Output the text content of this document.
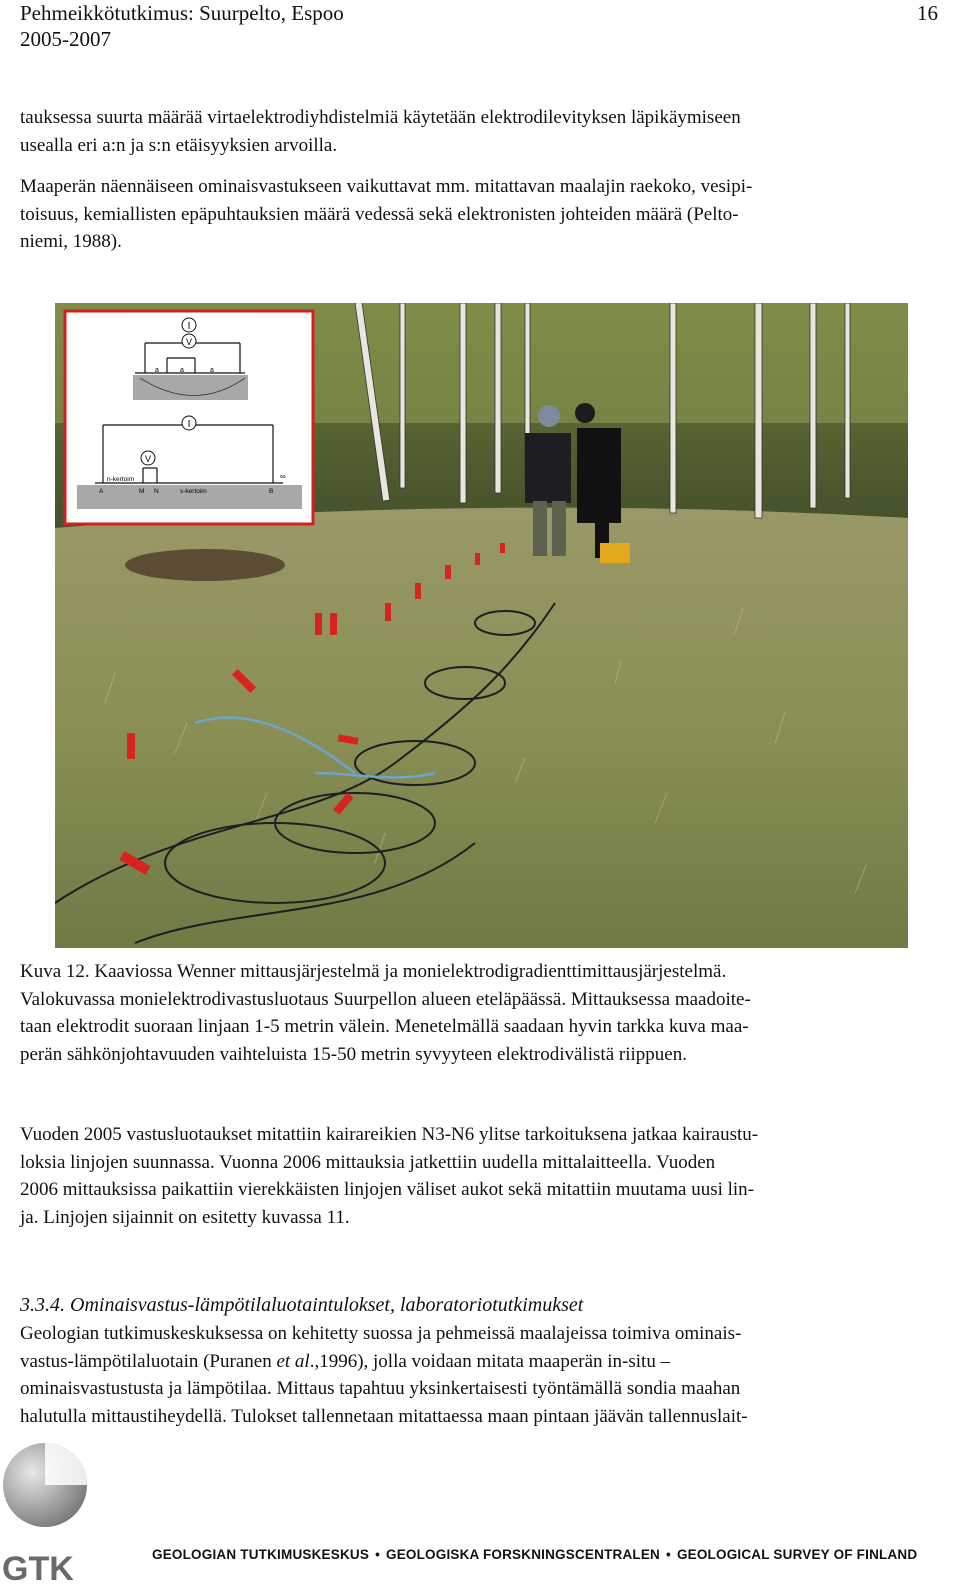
Pehmeikkötutkimus: Suurpelto, Espoo
2005-2007
16

tauksessa suurta määrää virtaelektrodiyhdistelmiä käytetään elektrodilevityksen läpikäymiseen
usealla eri a:n ja s:n etäisyyksien arvoilla.

Maaperän näennäiseen ominaisvastukseen vaikuttavat mm. mitattavan maalajin raekoko, vesipi-
toisuus, kemiallisten epäpuhtauksien määrä vedessä sekä elektronisten johteiden määrä (Pelto-
niemi, 1988).

I
V
a	a	a
I
V
n-kertoim
s-kertoim
A	M N	B
∞

Kuva 12. Kaaviossa Wenner mittausjärjestelmä ja monielektrodigradienttimittausjärjestelmä.
Valokuvassa monielektrodivastusluotaus Suurpellon alueen eteläpäässä. Mittauksessa maadoite-
taan elektrodit suoraan linjaan 1-5 metrin välein. Menetelmällä saadaan hyvin tarkka kuva maa-
perän sähkönjohtavuuden vaihteluista 15-50 metrin syvyyteen elektrodivälistä riippuen.

Vuoden 2005 vastusluotaukset mitattiin kairareikien N3-N6 ylitse tarkoituksena jatkaa kairaustu-
loksia linjojen suunnassa. Vuonna 2006 mittauksia jatkettiin uudella mittalaitteella. Vuoden
2006 mittauksissa paikattiin vierekkäisten linjojen väliset aukot sekä mitattiin muutama uusi lin-
ja. Linjojen sijainnit on esitetty kuvassa 11.

3.3.4. Ominaisvastus-lämpötilaluotaintulokset, laboratoriotutkimukset

Geologian tutkimuskeskuksessa on kehitetty suossa ja pehmeissä maalajeissa toimiva ominais-
vastus-lämpötilaluotain (Puranen et al.,1996), jolla voidaan mitata maaperän in-situ –
ominaisvastustusta ja lämpötilaa. Mittaus tapahtuu yksinkertaisesti työntämällä sondia maahan
halutulla mittaustiheydellä. Tulokset tallennetaan mitattaessa maan pintaan jäävän tallennuslait-

GTK	GEOLOGIAN TUTKIMUSKESKUS • GEOLOGISKA FORSKNINGSCENTRALEN • GEOLOGICAL SURVEY OF FINLAND
